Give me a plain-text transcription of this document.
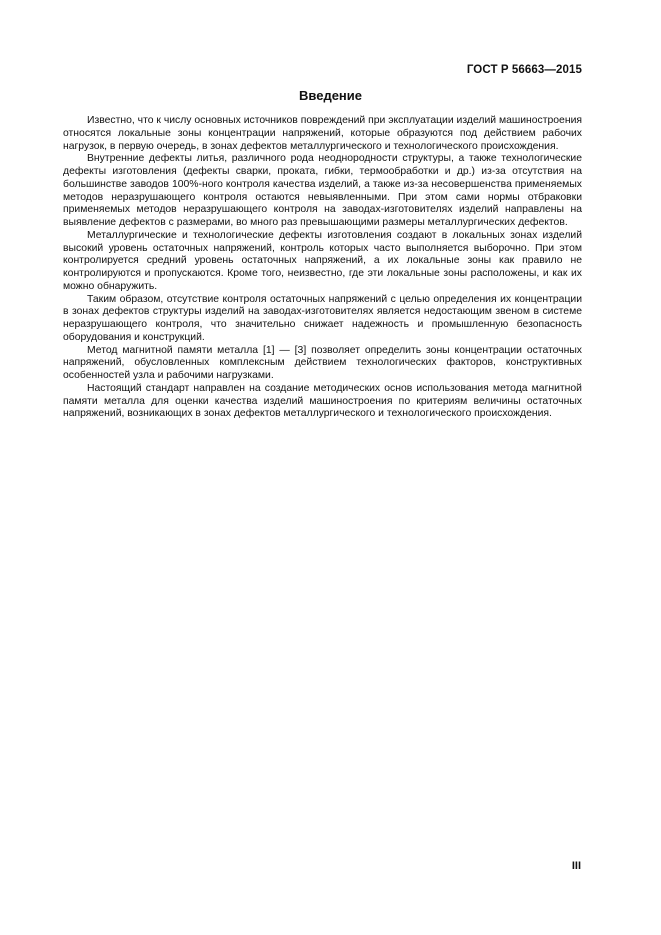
ГОСТ Р 56663—2015
Введение

Известно, что к числу основных источников повреждений при эксплуатации изделий машиностроения относятся локальные зоны концентрации напряжений, которые образуются под действием рабочих нагрузок, в первую очередь, в зонах дефектов металлургического и технологического происхождения.

Внутренние дефекты литья, различного рода неоднородности структуры, а также технологические дефекты изготовления (дефекты сварки, проката, гибки, термообработки и др.) из-за отсутствия на большинстве заводов 100%-ного контроля качества изделий, а также из-за несовершенства применяемых методов неразрушающего контроля остаются невыявленными. При этом сами нормы отбраковки применяемых методов неразрушающего контроля на заводах-изготовителях изделий направлены на выявление дефектов с размерами, во много раз превышающими размеры металлургических дефектов.

Металлургические и технологические дефекты изготовления создают в локальных зонах изделий высокий уровень остаточных напряжений, контроль которых часто выполняется выборочно. При этом контролируется средний уровень остаточных напряжений, а их локальные зоны как правило не контролируются и пропускаются. Кроме того, неизвестно, где эти локальные зоны расположены, и как их можно обнаружить.

Таким образом, отсутствие контроля остаточных напряжений с целью определения их концентрации в зонах дефектов структуры изделий на заводах-изготовителях является недостающим звеном в системе неразрушающего контроля, что значительно снижает надежность и промышленную безопасность оборудования и конструкций.

Метод магнитной памяти металла [1] — [3] позволяет определить зоны концентрации остаточных напряжений, обусловленных комплексным действием технологических факторов, конструктивных особенностей узла и рабочими нагрузками.

Настоящий стандарт направлен на создание методических основ использования метода магнитной памяти металла для оценки качества изделий машиностроения по критериям величины остаточных напряжений, возникающих в зонах дефектов металлургического и технологического происхождения.

III
